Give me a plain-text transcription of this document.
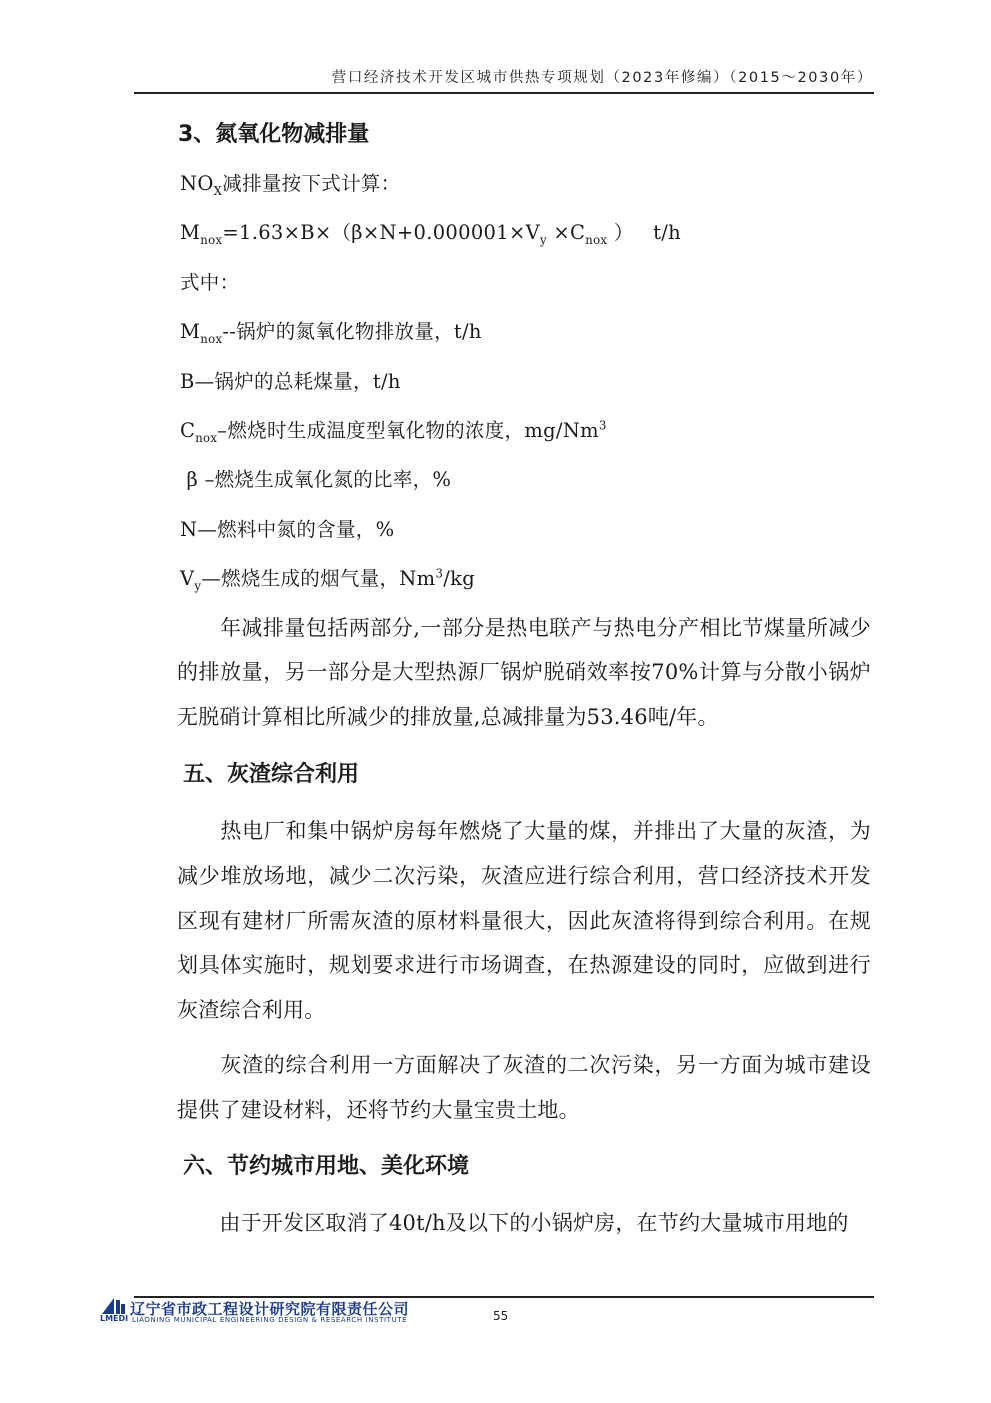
营口经济技术开发区城市供热专项规划（2023年修编）（2015～2030年）
3、氮氧化物减排量
$NO_X$减排量按下式计算：
$M_{nox}=1.63\times B\times(\beta\times N+0.000001\times V_y \times C_{nox}$ ）   t/h
式中：
$M_{nox}--$锅炉的氮氧化物排放量，t/h
B—锅炉的总耗煤量，t/h
$C_{nox}-$燃烧时生成温度型氧化物的浓度，mg/Nm$^3$
β –燃烧生成氧化氮的比率，%
N—燃料中氮的含量，%
$V_y—$燃烧生成的烟气量，Nm$^3$/kg
　　年减排量包括两部分,一部分是热电联产与热电分产相比节煤量所减少的排放量，另一部分是大型热源厂锅炉脱硝效率按70%计算与分散小锅炉无脱硝计算相比所减少的排放量,总减排量为53.46吨/年。
五、灰渣综合利用
　　热电厂和集中锅炉房每年燃烧了大量的煤，并排出了大量的灰渣，为减少堆放场地，减少二次污染，灰渣应进行综合利用，营口经济技术开发区现有建材厂所需灰渣的原材料量很大，因此灰渣将得到综合利用。在规划具体实施时，规划要求进行市场调查，在热源建设的同时，应做到进行灰渣综合利用。
　　灰渣的综合利用一方面解决了灰渣的二次污染，另一方面为城市建设提供了建设材料，还将节约大量宝贵土地。
六、节约城市用地、美化环境
　　由于开发区取消了40t/h及以下的小锅炉房，在节约大量城市用地的
LMEDI
辽宁省市政工程设计研究院有限责任公司
LIAONING MUNICIPAL ENGINEERING DESIGN & RESEARCH INSTITUTE	55
